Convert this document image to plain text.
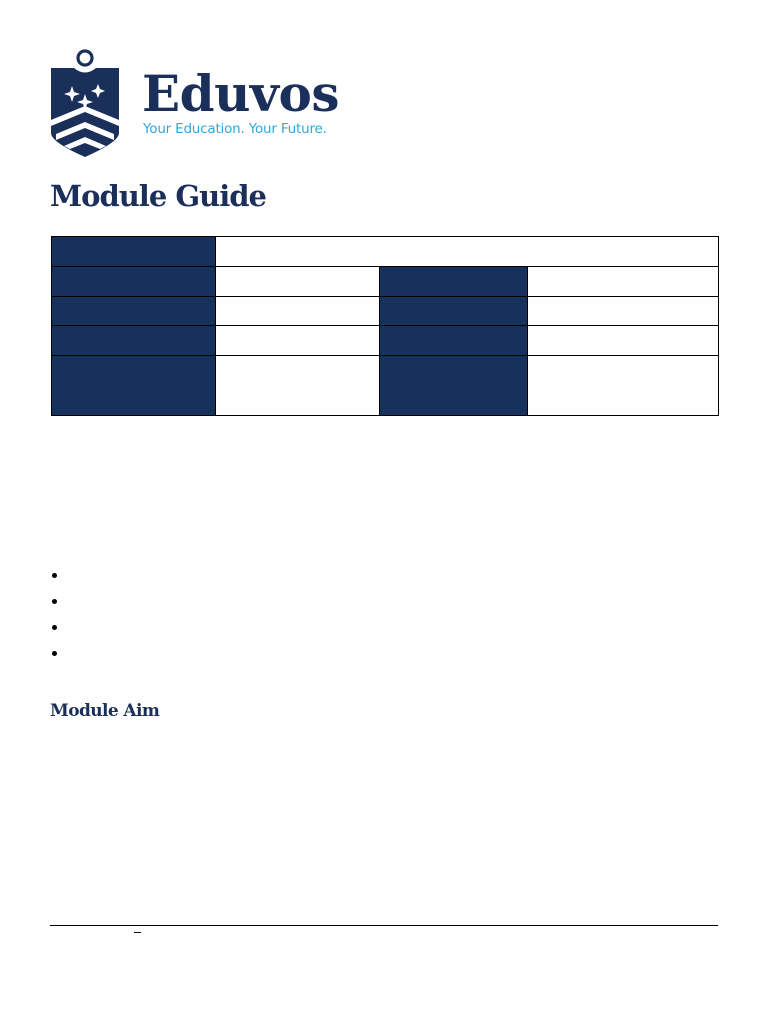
Eduvos
Your Education. Your Future.
Module Guide

Module Aim
